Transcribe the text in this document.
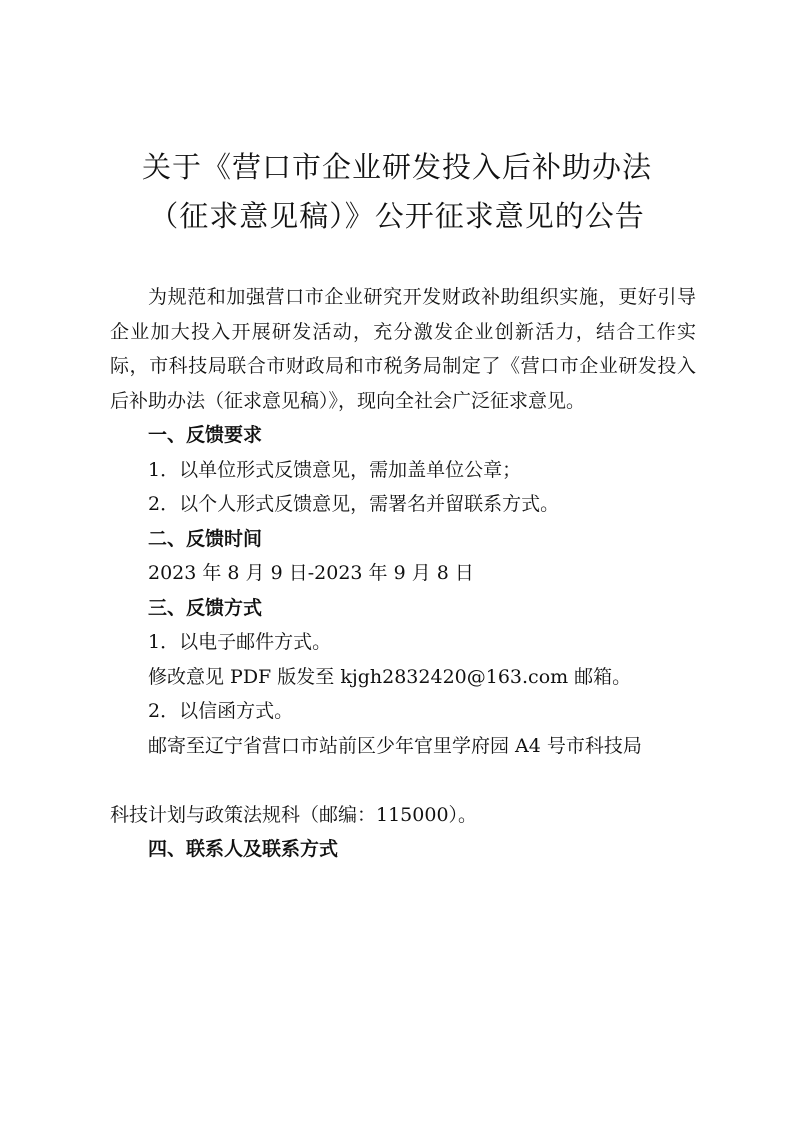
关于《营口市企业研发投入后补助办法
（征求意见稿）》公开征求意见的公告

为规范和加强营口市企业研究开发财政补助组织实施，更好引导企业加大投入开展研发活动，充分激发企业创新活力，结合工作实际，市科技局联合市财政局和市税务局制定了《营口市企业研发投入后补助办法（征求意见稿）》，现向全社会广泛征求意见。

一、反馈要求

1．以单位形式反馈意见，需加盖单位公章；

2．以个人形式反馈意见，需署名并留联系方式。

二、反馈时间

2023 年 8 月 9 日-2023 年 9 月 8 日

三、反馈方式

1．以电子邮件方式。

修改意见 PDF 版发至 kjgh2832420@163.com 邮箱。

2．以信函方式。

邮寄至辽宁省营口市站前区少年官里学府园 A4 号市科技局

科技计划与政策法规科（邮编：115000）。

四、联系人及联系方式
